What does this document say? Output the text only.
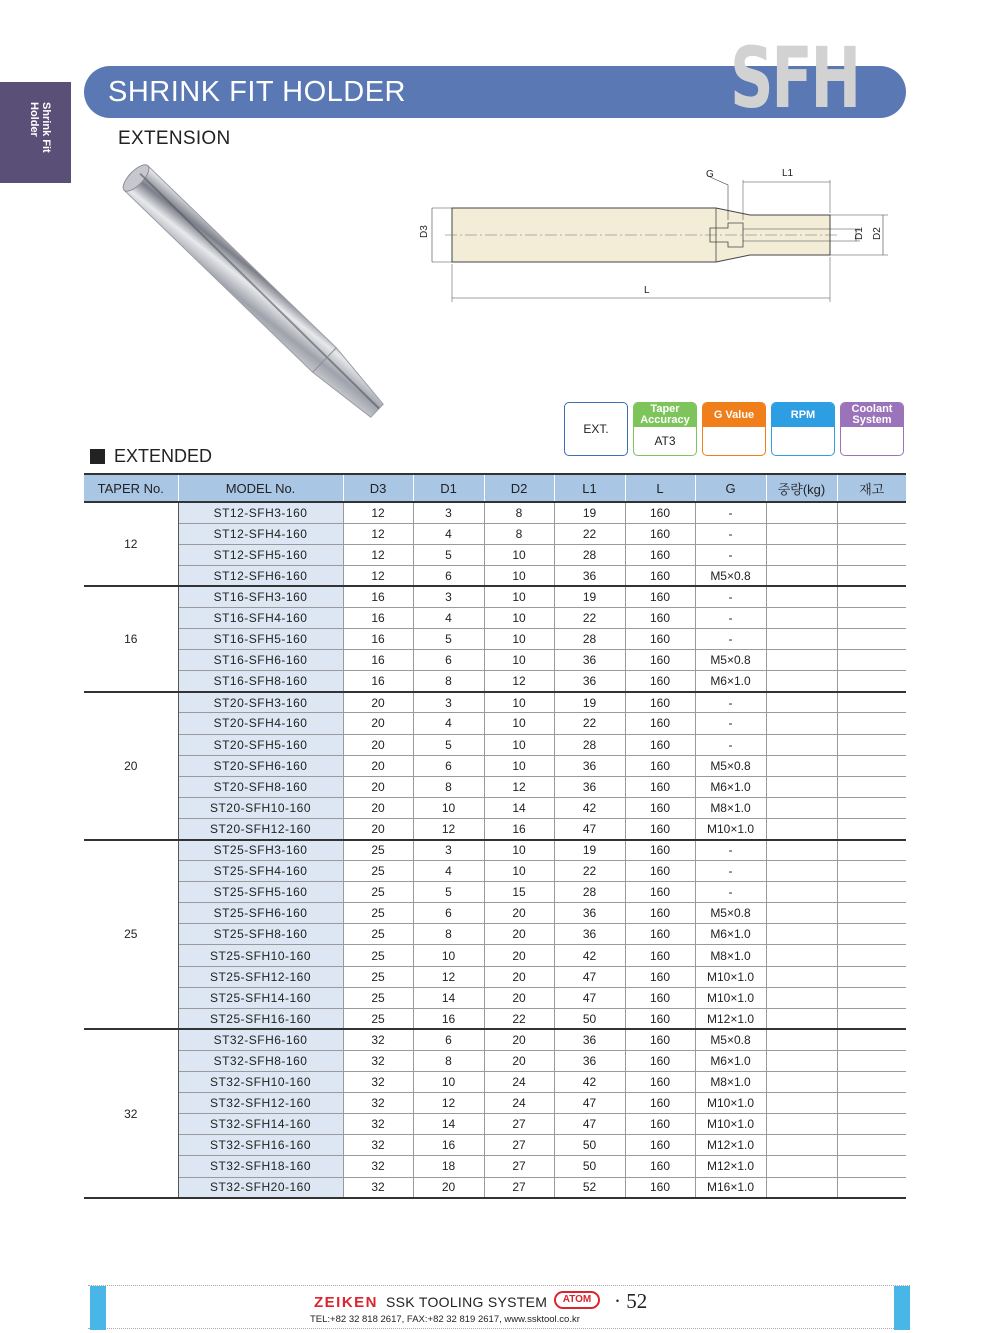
Shrink Fit
Holder
SHRINK FIT HOLDER	SFH
EXTENSION
D3
L
L1
G
D1 D2
EXT.
Taper Accuracy
AT3
G Value	RPM	Coolant System
EXTENDED
TAPER No.	MODEL No.	D3	D1	D2	L1	L	G	중량(kg)	재고
12	ST12-SFH3-160	12	3	8	19	160	-		
	ST12-SFH4-160	12	4	8	22	160	-		
	ST12-SFH5-160	12	5	10	28	160	-		
	ST12-SFH6-160	12	6	10	36	160	M5×0.8		
16	ST16-SFH3-160	16	3	10	19	160	-		
	ST16-SFH4-160	16	4	10	22	160	-		
	ST16-SFH5-160	16	5	10	28	160	-		
	ST16-SFH6-160	16	6	10	36	160	M5×0.8		
	ST16-SFH8-160	16	8	12	36	160	M6×1.0		
20	ST20-SFH3-160	20	3	10	19	160	-		
	ST20-SFH4-160	20	4	10	22	160	-		
	ST20-SFH5-160	20	5	10	28	160	-		
	ST20-SFH6-160	20	6	10	36	160	M5×0.8		
	ST20-SFH8-160	20	8	12	36	160	M6×1.0		
	ST20-SFH10-160	20	10	14	42	160	M8×1.0		
	ST20-SFH12-160	20	12	16	47	160	M10×1.0		
25	ST25-SFH3-160	25	3	10	19	160	-		
	ST25-SFH4-160	25	4	10	22	160	-		
	ST25-SFH5-160	25	5	15	28	160	-		
	ST25-SFH6-160	25	6	20	36	160	M5×0.8		
	ST25-SFH8-160	25	8	20	36	160	M6×1.0		
	ST25-SFH10-160	25	10	20	42	160	M8×1.0		
	ST25-SFH12-160	25	12	20	47	160	M10×1.0		
	ST25-SFH14-160	25	14	20	47	160	M10×1.0		
	ST25-SFH16-160	25	16	22	50	160	M12×1.0		
32	ST32-SFH6-160	32	6	20	36	160	M5×0.8		
	ST32-SFH8-160	32	8	20	36	160	M6×1.0		
	ST32-SFH10-160	32	10	24	42	160	M8×1.0		
	ST32-SFH12-160	32	12	24	47	160	M10×1.0		
	ST32-SFH14-160	32	14	27	47	160	M10×1.0		
	ST32-SFH16-160	32	16	27	50	160	M12×1.0		
	ST32-SFH18-160	32	18	27	50	160	M12×1.0		
	ST32-SFH20-160	32	20	27	52	160	M16×1.0		
ZEIKEN SSK TOOLING SYSTEM	ATOM	· 52
TEL:+82 32 818 2617, FAX:+82 32 819 2617, www.ssktool.co.kr
